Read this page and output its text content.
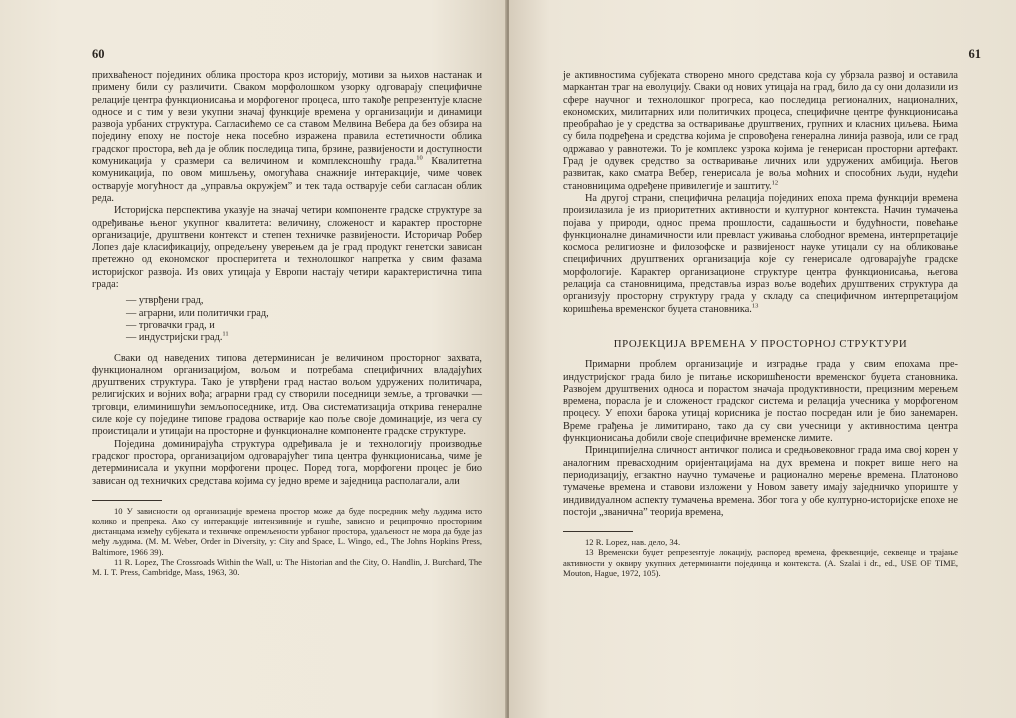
60

прихваћеност појединих облика простора кроз историју, мотиви за њихов настанак и примену били су различити. Сваком морфолошком узорку одговарају специфичне релације центра функционисања и морфогеног процеса, што такође репрезентује класне односе и с тим у вези укупни значај функције времена у организацији и динамици развоја урбаних структура. Сагласићемо се са ставом Мелвина Вебера да без обзира на појединy епоху не постоје нека посебно изражена правила естетичности облика градског простора, већ да је облик последица типа, брзине, развијености и доступности комуникација у сразмери са величином и комплексношћу града.$^{10}$ Квалитетна комуникација, по овом мишљењу, омогућава снажније интеракције, чиме човек остварује могућност да „управља окружјем” и тек тада остварује себи сагласан облик реда.

Историјска перспектива указује на значај четири компоненте градске структуре за одређивање њеног укупног квалитета: величину, сложеност и карактер просторне организације, друштвени контекст и степен техничке развијености. Историчар Робер Лопез даје класификацију, опредељену уверењем да је град продукт генетски зависан претежно од економског просперитета и технолошког напретка у свим фазама историјског развоја. Из ових утицаја у Европи настају четири карактеристична типа града:

— утврђени град,
— аграрни, или политички град,
— трговачки град, и
— индустријски град.$^{11}$

Сваки од наведених типова детерминисан је величином просторног захвата, функционалном организацијом, вољом и потребама специфичних владајућих друштвених структура. Тако је утврђени град настао вољом удружених политичара, религијских и војних вођа; аграрни град су створили поседници земље, а трговачки — трговци, елиминишући земљопоседнике, итд. Ова систематизација открива генералне силе које су поједине типове градова остварије као поље своје доминације, из чега су проистицали и утицаји на просторне и функционалне компоненте градске структуре.

Поједина доминирајућа структура одређивала је и технологију производње градског простора, организацијом одговарајућег типа центра функционисања, чиме је детерминисала и укупни морфогени процес. Поред тога, морфогени процес је био зависан од техничких средстава којима су једно време и заједница располагали, али

10 У зависности од организације времена простор може да буде посредник међу људима исто колико и препрека. Ако су интеракције интензивније и гушће, зависно и реципрочно просторним дистанцама између субјеката и техничке опремљености урбаног простора, удаљеност не мора да буде јаз међу људима. (M. M. Weber, Order in Diversity, y: City and Space, L. Wingo, ed., The Johns Hopkins Press, Baltimore, 1966 39).

11 R. Lopez, The Crossroads Within the Wall, u: The Historian and the City, O. Handlin, J. Burchard, The M. I. T. Press, Cambridge, Mass, 1963, 30.

61

је активностима субјеката створено много средстава која су убрзала развој и оставила маркантан траг на еволуцију. Сваки од нових утицаја на град, било да су они долазили из сфере научног и технолошког прогреса, као последица регионалних, националних, економских, милитарних или политичких процеса, специфичне центре функционисања преобраћао је у средства за остваривање друштвених, групних и класних циљева. Њима су била подређена и средства којима је спровођена генерална линија развоја, или се град одржавао у равнотежи. То је комплекс узрока којима је генерисан просторни артефакт. Град је одувек средство за остваривање личних или удружених амбиција. Његов развитак, како сматра Вебер, генерисала је воља моћних и способних људи, нудећи становницима одређене привилегије и заштиту.$^{12}$

На другој страни, специфична релација појединих епоха према функцији времена произилазила је из приоритетних активности и културног контекста. Начин тумачења појава у природи, однос према прошлости, садашњости и будућности, повећање функционалне динамичности или превласт уживања слободног времена, интерпретације космоса религиозне и филозофске и развијеност науке утицали су на обликовање специфичних друштвених организација које су генерисале одговарајуће градске морфологије. Карактер организационе структуре центра функционисања, његова релација са становницима, представља израз воље водећих друштвених структура да организују просторну структуру града у складу са специфичном интерпретацијом коришћења временског буџета становника.$^{13}$

ПРОЈЕКЦИЈА ВРЕМЕНА У ПРОСТОРНОЈ СТРУКТУРИ

Примарни проблем организације и изградње града у свим епохама пре-индустријског града било је питање искоришћености временског буџета становника. Развојем друштвених односа и порастом значаја продуктивности, прецизним мерењем времена, порасла је и сложеност градског система и релација учесника у морфогеном процесу. У епохи барока утицај корисника је постао посредан или је био занемарен. Време грађења је лимитирано, тако да су сви учесници у активностима центра функционисања добили своје специфичне временске лимите.

Принципијелна сличност античког полиса и средњовековног града има свој корен у аналогним превасходним оријентацијама на дух времена и покрет више него на периодизацију, егзактно научно тумачење и рационално мерење времена. Платоново тумачење времена и ставови изложени у Новом завету имају заједничко упориште у индивидуалном аспекту тумачења времена. Због тога у обе културно-историјске епохе не постоји „званична” теорија времена,

12 R. Lopez, нав. дело, 34.

13 Временски буџет репрезентује локацију, распоред времена, фреквенције, секвенце и трајање активности у оквиру укупних детерминанти појединца и контекста. (A. Szalai i dr., ed., USE OF TIME, Mouton, Hague, 1972, 105).
